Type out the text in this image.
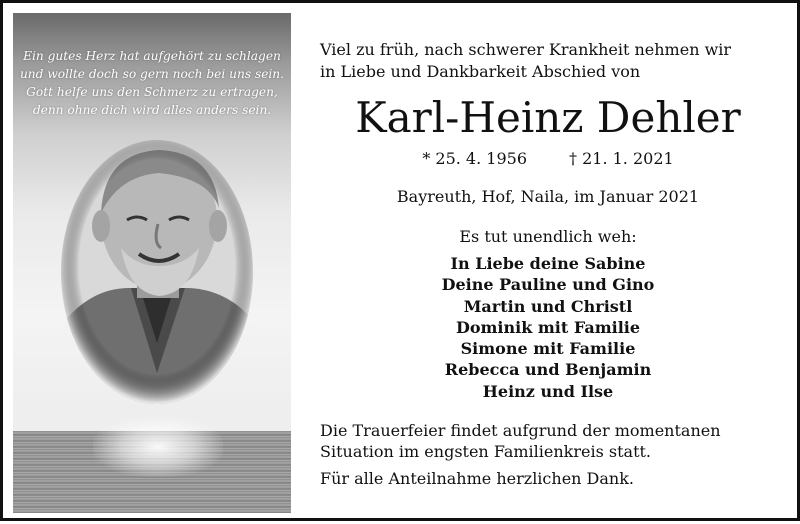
Ein gutes Herz hat aufgehört zu schlagen
und wollte doch so gern noch bei uns sein.
Gott helfe uns den Schmerz zu ertragen,
denn ohne dich wird alles anders sein.
Viel zu früh, nach schwerer Krankheit nehmen wir
in Liebe und Dankbarkeit Abschied von
Karl-Heinz Dehler
* 25. 4. 1956	† 21. 1. 2021
Bayreuth, Hof, Naila, im Januar 2021
Es tut unendlich weh:
In Liebe deine Sabine
Deine Pauline und Gino
Martin und Christl
Dominik mit Familie
Simone mit Familie
Rebecca und Benjamin
Heinz und Ilse
Die Trauerfeier findet aufgrund der momentanen
Situation im engsten Familienkreis statt.
Für alle Anteilnahme herzlichen Dank.
